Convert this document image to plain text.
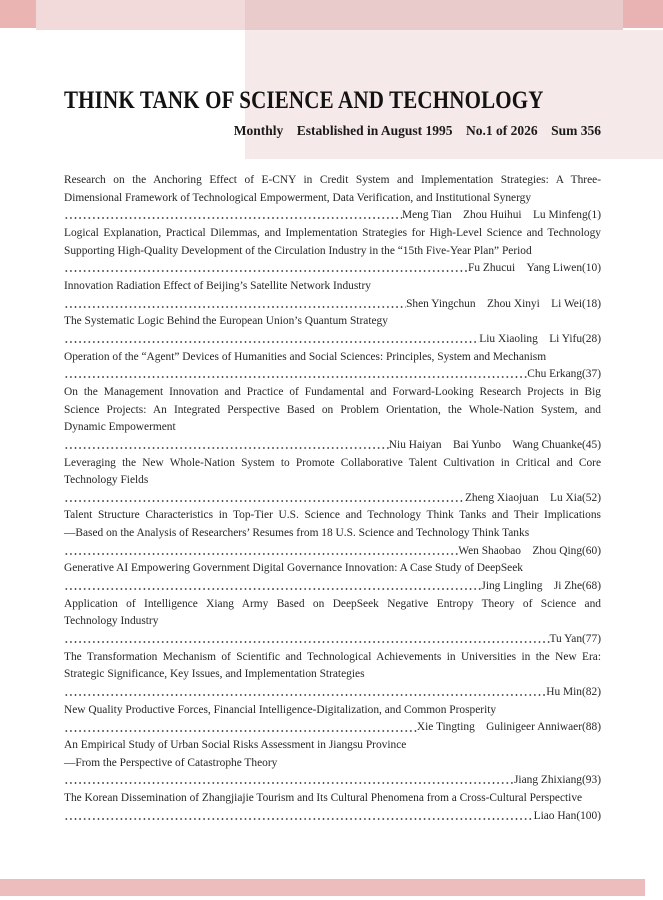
THINK TANK OF SCIENCE AND TECHNOLOGY
Monthly Established in August 1995  No.1 of 2026  Sum 356
Research on the Anchoring Effect of E-CNY in Credit System and Implementation Strategies: A Three-
Dimensional Framework of Technological Empowerment, Data Verification, and Institutional Synergy
Meng Tian  Zhou Huihui  Lu Minfeng (1)
Logical Explanation, Practical Dilemmas, and Implementation Strategies for High-Level Science and Technology
Supporting High-Quality Development of the Circulation Industry in the “15th Five-Year Plan” Period
Fu Zhucui  Yang Liwen (10)
Innovation Radiation Effect of Beijing’s Satellite Network Industry
Shen Yingchun  Zhou Xinyi  Li Wei (18)
The Systematic Logic Behind the European Union’s Quantum Strategy
Liu Xiaoling  Li Yifu (28)
Operation of the “Agent” Devices of Humanities and Social Sciences: Principles, System and Mechanism
Chu Erkang (37)
On the Management Innovation and Practice of Fundamental and Forward-Looking Research Projects in Big
Science Projects: An Integrated Perspective Based on Problem Orientation, the Whole-Nation System, and
Dynamic Empowerment
Niu Haiyan  Bai Yunbo  Wang Chuanke (45)
Leveraging the New Whole-Nation System to Promote Collaborative Talent Cultivation in Critical and Core
Technology Fields
Zheng Xiaojuan  Lu Xia (52)
Talent Structure Characteristics in Top-Tier U.S. Science and Technology Think Tanks and Their Implications
—Based on the Analysis of Researchers’ Resumes from 18 U.S. Science and Technology Think Tanks
Wen Shaobao  Zhou Qing (60)
Generative AI Empowering Government Digital Governance Innovation: A Case Study of DeepSeek
Jing Lingling  Ji Zhe (68)
Application of Intelligence Xiang Army Based on DeepSeek Negative Entropy Theory of Science and
Technology Industry
Tu Yan (77)
The Transformation Mechanism of Scientific and Technological Achievements in Universities in the New Era:
Strategic Significance, Key Issues, and Implementation Strategies
Hu Min (82)
New Quality Productive Forces, Financial Intelligence-Digitalization, and Common Prosperity
Xie Tingting  Gulinigeer Anniwaer (88)
An Empirical Study of Urban Social Risks Assessment in Jiangsu Province
—From the Perspective of Catastrophe Theory
Jiang Zhixiang (93)
The Korean Dissemination of Zhangjiajie Tourism and Its Cultural Phenomena from a Cross-Cultural Perspective
Liao Han (100)
